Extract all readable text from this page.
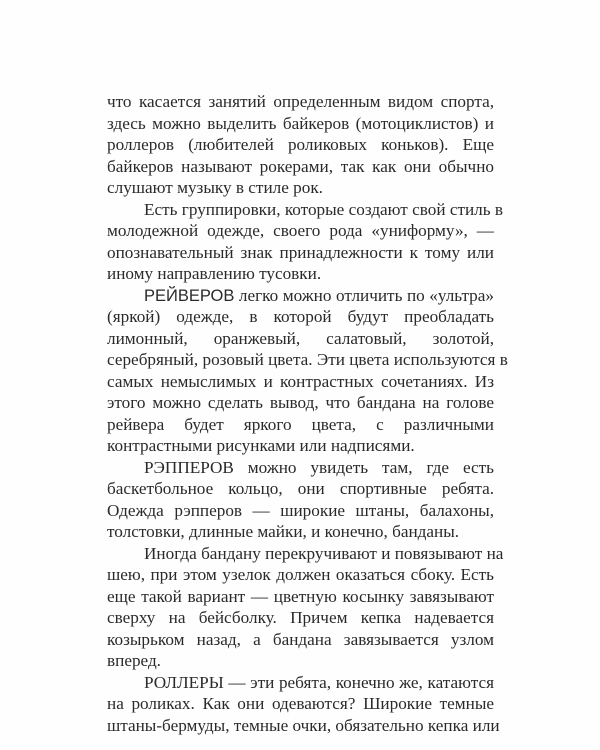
что касается занятий определенным видом спорта,
здесь можно выделить байкеров (мотоциклистов) и
роллеров (любителей роликовых коньков). Еще
байкеров называют рокерами, так как они обычно
слушают музыку в стиле рок.
Есть группировки, которые создают свой стиль в
молодежной одежде, своего рода «униформу», —
опознавательный знак принадлежности к тому или
иному направлению тусовки.
РЕЙВЕРОВ легко можно отличить по «ультра»
(яркой) одежде, в которой будут преобладать
лимонный, оранжевый, салатовый, золотой,
серебряный, розовый цвета. Эти цвета используются в
самых немыслимых и контрастных сочетаниях. Из
этого можно сделать вывод, что бандана на голове
рейвера будет яркого цвета, с различными
контрастными рисунками или надписями.
РЭППЕРОВ можно увидеть там, где есть
баскетбольное кольцо, они спортивные ребята.
Одежда рэпперов — широкие штаны, балахоны,
толстовки, длинные майки, и конечно, банданы.
Иногда бандану перекручивают и повязывают на
шею, при этом узелок должен оказаться сбоку. Есть
еще такой вариант — цветную косынку завязывают
сверху на бейсболку. Причем кепка надевается
козырьком назад, а бандана завязывается узлом
вперед.
РОЛЛЕРЫ — эти ребята, конечно же, катаются
на роликах. Как они одеваются? Широкие темные
штаны-бермуды, темные очки, обязательно кепка или
